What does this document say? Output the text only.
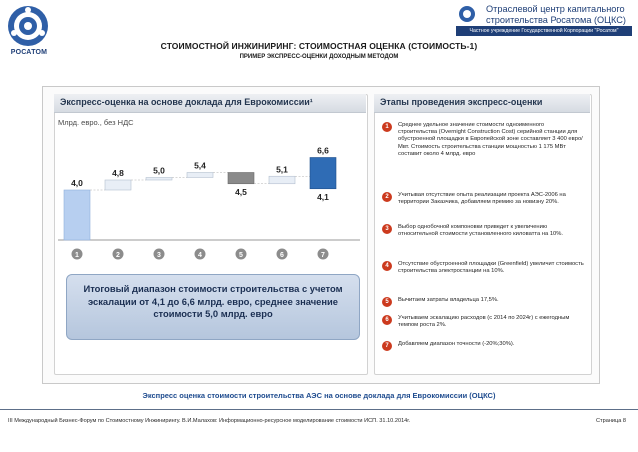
РОСАТОМ
Отраслевой центр капитального
строительства Росатома (ОЦКС)
Частное учреждение Государственной Корпорации "Росатом"
СТОИМОСТНОЙ ИНЖИНИРИНГ: СТОИМОСТНАЯ ОЦЕНКА (СТОИМОСТЬ-1)
ПРИМЕР ЭКСПРЕСС-ОЦЕНКИ ДОХОДНЫМ МЕТОДОМ
Экспресс-оценка на основе доклада для Еврокомиссии¹
Млрд. евро., без НДС
4,0
1
4,8
2
5,0
3
5,4
4
4,5
5
5,1
6
6,6
4,1
7
Итоговый диапазон стоимости строительства с учетом эскалации от 4,1 до 6,6 млрд. евро, среднее значение стоимости 5,0 млрд. евро
Этапы проведения экспресс-оценки
1	Среднее удельное значение стоимости одноименного строительства (Overnight Construction Cost) серийной станции для обустроенной площадки в Европейской зоне составляет 3 400 евро/Мвт. Стоимость строительства станции мощностью 1 175 МВт составит около 4 млрд. евро
2	Учитывая отсутствие опыта реализации проекта АЭС-2006 на территории Заказчика, добавляем премию за новизну 20%.
3	Выбор однобочной компоновки приведет к увеличению относительной стоимости установленного киловатта на 10%.
4	Отсутствие обустроенной площадки (Greenfield) увеличит стоимость строительства электростанции на 10%.
5	Вычитаем затраты владельца 17,5%.
6	Учитываем эскалацию расходов (с 2014 по 2024г) с ежегодным темпом роста 2%.
7	Добавляем диапазон точности (-20%;30%).
Экспресс оценка стоимости строительства АЭС на основе доклада для Еврокомиссии (ОЦКС)
III Международный Бизнес-Форум по Стоимостному Инжинирингу. В.И.Малахов: Информационно-ресурсное моделирование стоимости ИСП. 31.10.2014г.	Страница 8
